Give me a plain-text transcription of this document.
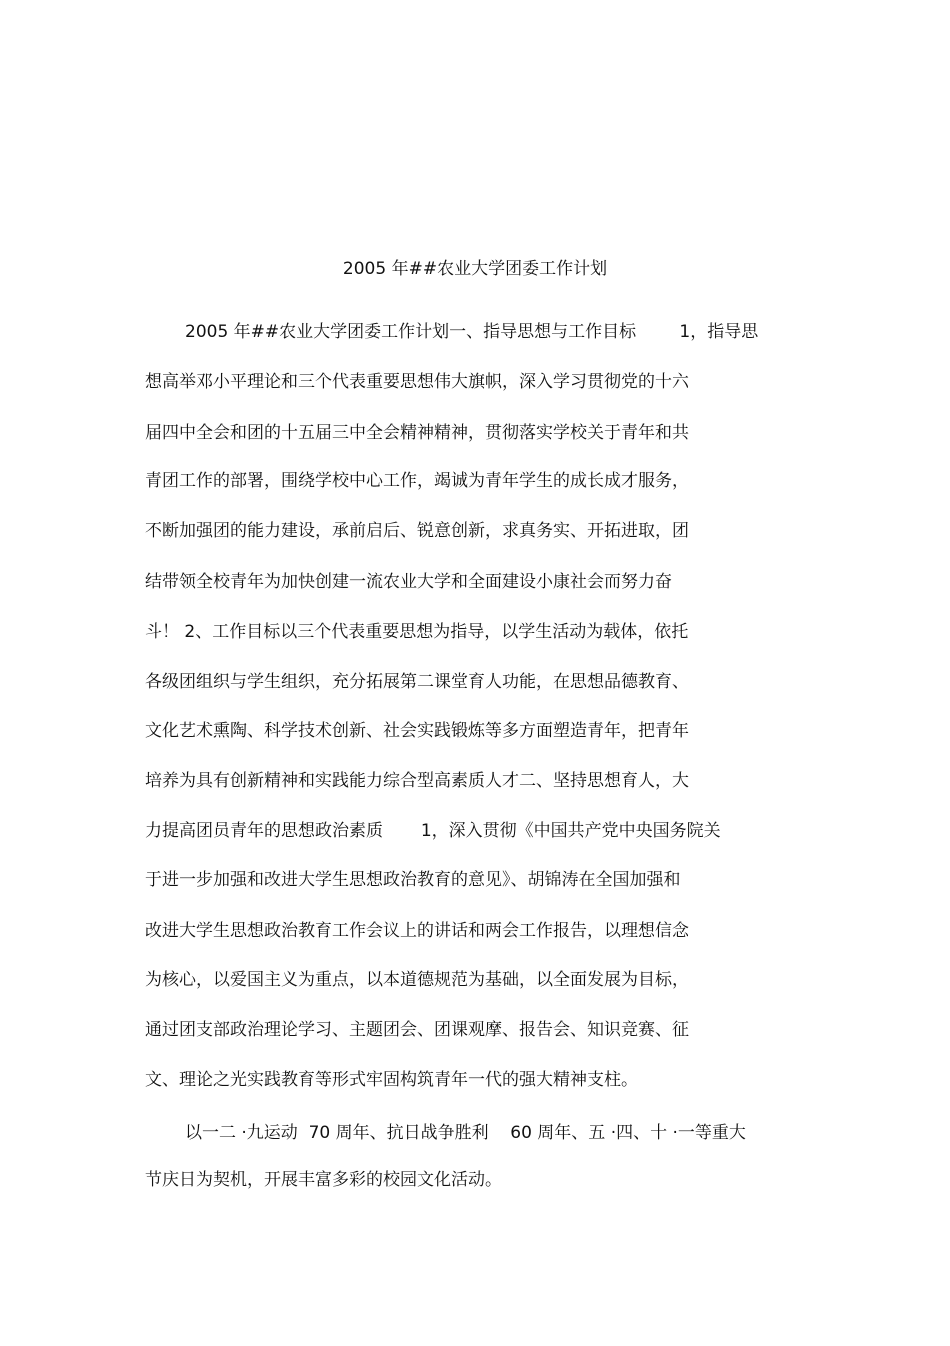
2005 年##农业大学团委工作计划
2005 年##农业大学团委工作计划一、指导思想与工作目标        1，指导思
想高举邓小平理论和三个代表重要思想伟大旗帜，深入学习贯彻党的十六
届四中全会和团的十五届三中全会精神精神，贯彻落实学校关于青年和共
青团工作的部署，围绕学校中心工作，竭诚为青年学生的成长成才服务，
不断加强团的能力建设，承前启后、锐意创新，求真务实、开拓进取，团
结带领全校青年为加快创建一流农业大学和全面建设小康社会而努力奋
斗！ 2、工作目标以三个代表重要思想为指导，以学生活动为载体，依托
各级团组织与学生组织，充分拓展第二课堂育人功能，在思想品德教育、
文化艺术熏陶、科学技术创新、社会实践锻炼等多方面塑造青年，把青年
培养为具有创新精神和实践能力综合型高素质人才二、坚持思想育人，大
力提高团员青年的思想政治素质       1，深入贯彻《中国共产党中央国务院关
于进一步加强和改进大学生思想政治教育的意见》、胡锦涛在全国加强和
改进大学生思想政治教育工作会议上的讲话和两会工作报告，以理想信念
为核心，以爱国主义为重点，以本道德规范为基础，以全面发展为目标，
通过团支部政治理论学习、主题团会、团课观摩、报告会、知识竞赛、征
文、理论之光实践教育等形式牢固构筑青年一代的强大精神支柱。
以一二 ·九运动  70 周年、抗日战争胜利    60 周年、五 ·四、十 ·一等重大
节庆日为契机，开展丰富多彩的校园文化活动。
